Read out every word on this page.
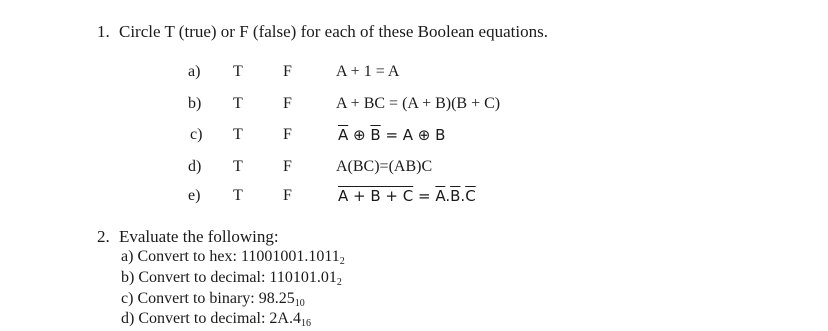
1. Circle T (true) or F (false) for each of these Boolean equations.
a) T	F	A + 1 = A
b) T	F	A + BC = (A + B)(B + C)
c) T	F	$\overline{A}$ ⊕ $\overline{B} = A$ ⊕ B
d) T	F	A(BC)=(AB)C
e) T	F	$A + B + C = \overline{A}.\overline{B}.\overline{C}$
2. Evaluate the following:
a) Convert to hex: $11001001.1011_2$
b) Convert to decimal: $110101.01_2$
c) Convert to binary: $98.25_{10}$
d) Convert to decimal: $2A.4_{16}$
